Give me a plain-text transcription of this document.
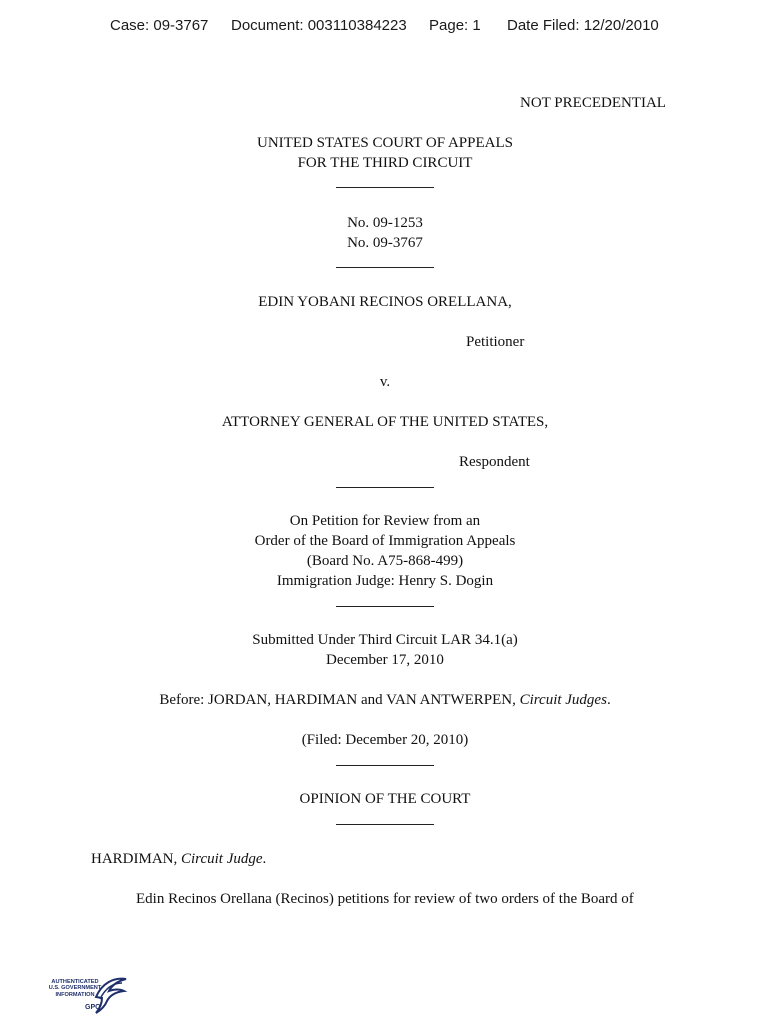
Case: 09-3767 Document: 003110384223 Page: 1 Date Filed: 12/20/2010
NOT PRECEDENTIAL
UNITED STATES COURT OF APPEALS
FOR THE THIRD CIRCUIT
No. 09-1253
No. 09-3767
EDIN YOBANI RECINOS ORELLANA,
Petitioner
v.
ATTORNEY GENERAL OF THE UNITED STATES,
Respondent
On Petition for Review from an
Order of the Board of Immigration Appeals
(Board No. A75-868-499)
Immigration Judge: Henry S. Dogin
Submitted Under Third Circuit LAR 34.1(a)
December 17, 2010
Before: JORDAN, HARDIMAN and VAN ANTWERPEN, Circuit Judges.
(Filed: December 20, 2010)
OPINION OF THE COURT
HARDIMAN, Circuit Judge.
Edin Recinos Orellana (Recinos) petitions for review of two orders of the Board of
AUTHENTICATED
U.S. GOVERNMENT
INFORMATION
GPO
